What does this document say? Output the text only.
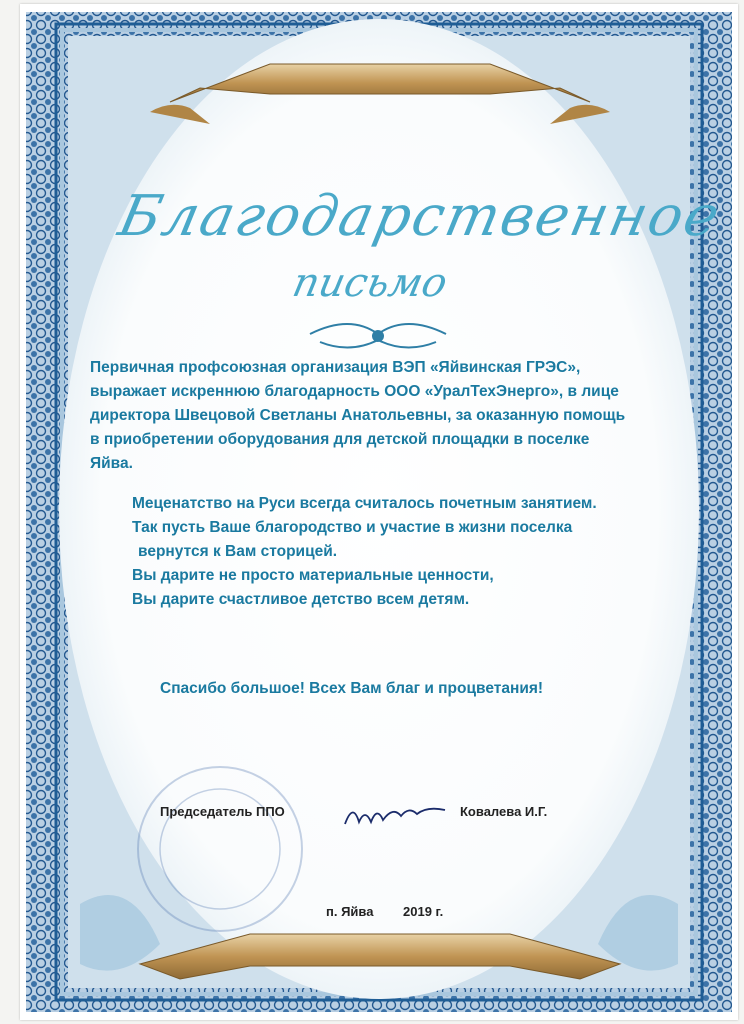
Благодарственное
письмо
Первичная профсоюзная организация ВЭП «Яйвинская ГРЭС»,
выражает искреннюю благодарность ООО «УралТехЭнерго», в лице
директора Швецовой Светланы Анатольевны, за оказанную помощь
в приобретении оборудования для детской площадки в поселке
Яйва.
Меценатство на Руси всегда считалось почетным занятием.
Так пусть Ваше благородство и участие в жизни поселка
вернутся к Вам сторицей.
Вы дарите не просто материальные ценности,
Вы дарите счастливое детство всем детям.
Спасибо большое! Всех Вам благ и процветания!
Председатель ППО	Ковалева И.Г.
п. Яйва 2019 г.
